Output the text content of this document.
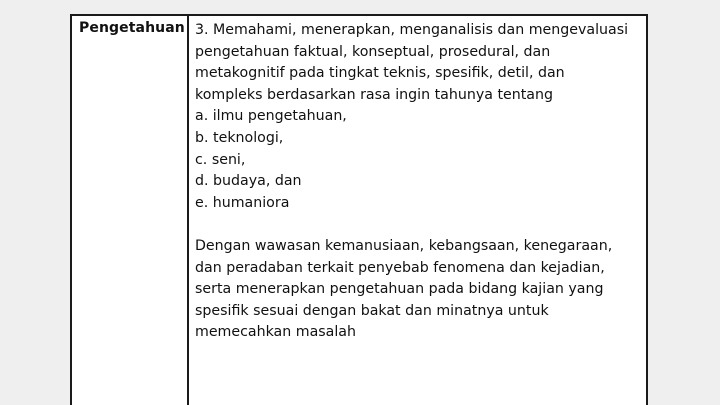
Pengetahuan 3. Memahami, menerapkan, menganalisis dan mengevaluasi
pengetahuan faktual, konseptual, prosedural, dan
metakognitif pada tingkat teknis, spesifik, detil, dan
kompleks berdasarkan rasa ingin tahunya tentang
a. ilmu pengetahuan,
b. teknologi,
c. seni,
d. budaya, dan
e. humaniora
Dengan wawasan kemanusiaan, kebangsaan, kenegaraan,
dan peradaban terkait penyebab fenomena dan kejadian,
serta menerapkan pengetahuan pada bidang kajian yang
spesifik sesuai dengan bakat dan minatnya untuk
memecahkan masalah
